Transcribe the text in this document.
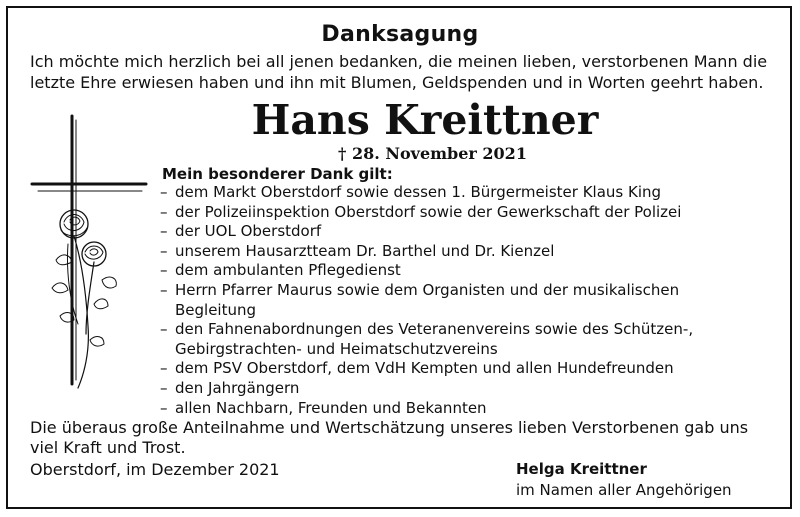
Danksagung
Ich möchte mich herzlich bei all jenen bedanken, die meinen lieben, verstorbenen Mann die letzte Ehre erwiesen haben und ihn mit Blumen, Geldspenden und in Worten geehrt haben.
Hans Kreittner
† 28. November 2021
Mein besonderer Dank gilt:
– dem Markt Oberstdorf sowie dessen 1. Bürgermeister Klaus King
– der Polizeiinspektion Oberstdorf sowie der Gewerkschaft der Polizei
– der UOL Oberstdorf
– unserem Hausarztteam Dr. Barthel und Dr. Kienzel
– dem ambulanten Pflegedienst
– Herrn Pfarrer Maurus sowie dem Organisten und der musikalischen Begleitung
– den Fahnenabordnungen des Veteranenvereins sowie des Schützen-, Gebirgstrachten- und Heimatschutzvereins
– dem PSV Oberstdorf, dem VdH Kempten und allen Hundefreunden
– den Jahrgängern
– allen Nachbarn, Freunden und Bekannten
Die überaus große Anteilnahme und Wertschätzung unseres lieben Verstorbenen gab uns viel Kraft und Trost.
Oberstdorf, im Dezember 2021	Helga Kreittner
im Namen aller Angehörigen
